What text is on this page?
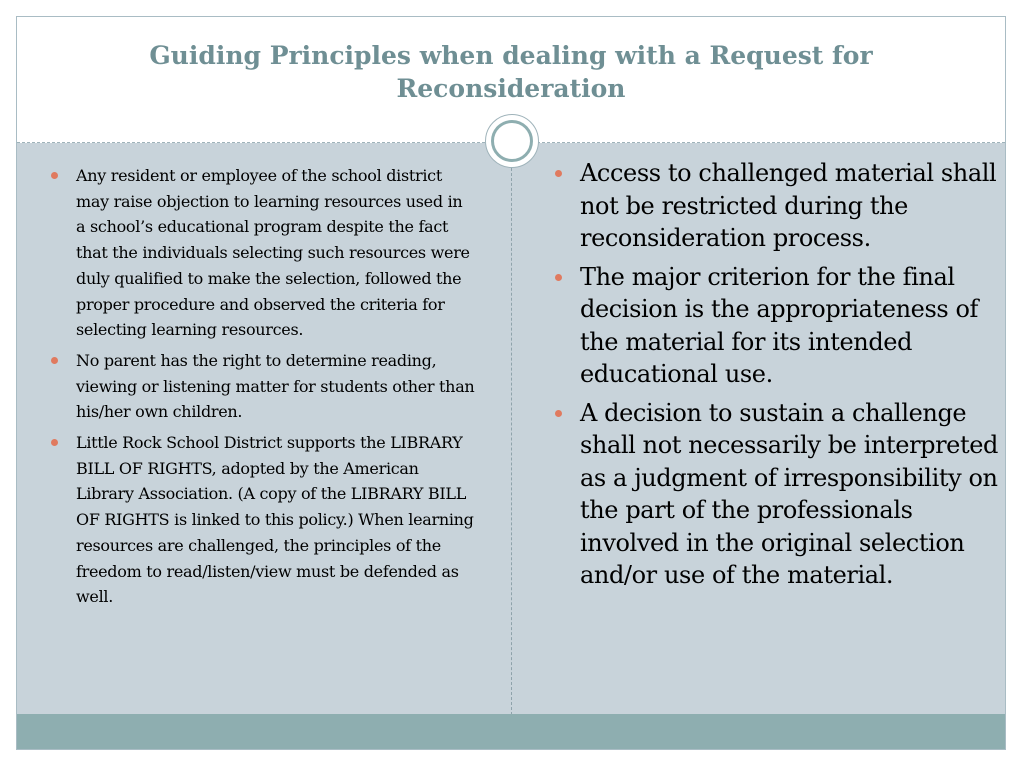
Guiding Principles when dealing with a Request for Reconsideration
Any resident or employee of the school district may raise objection to learning resources used in a school’s educational program despite the fact that the individuals selecting such resources were duly qualified to make the selection, followed the proper procedure and observed the criteria for selecting learning resources.
No parent has the right to determine reading, viewing or listening matter for students other than his/her own children.
Little Rock School District supports the LIBRARY BILL OF RIGHTS, adopted by the American Library Association. (A copy of the LIBRARY BILL OF RIGHTS is linked to this policy.) When learning resources are challenged, the principles of the freedom to read/listen/view must be defended as well.
Access to challenged material shall not be restricted during the reconsideration process.
The major criterion for the final decision is the appropriateness of the material for its intended educational use.
A decision to sustain a challenge shall not necessarily be interpreted as a judgment of irresponsibility on the part of the professionals involved in the original selection and/or use of the material.
